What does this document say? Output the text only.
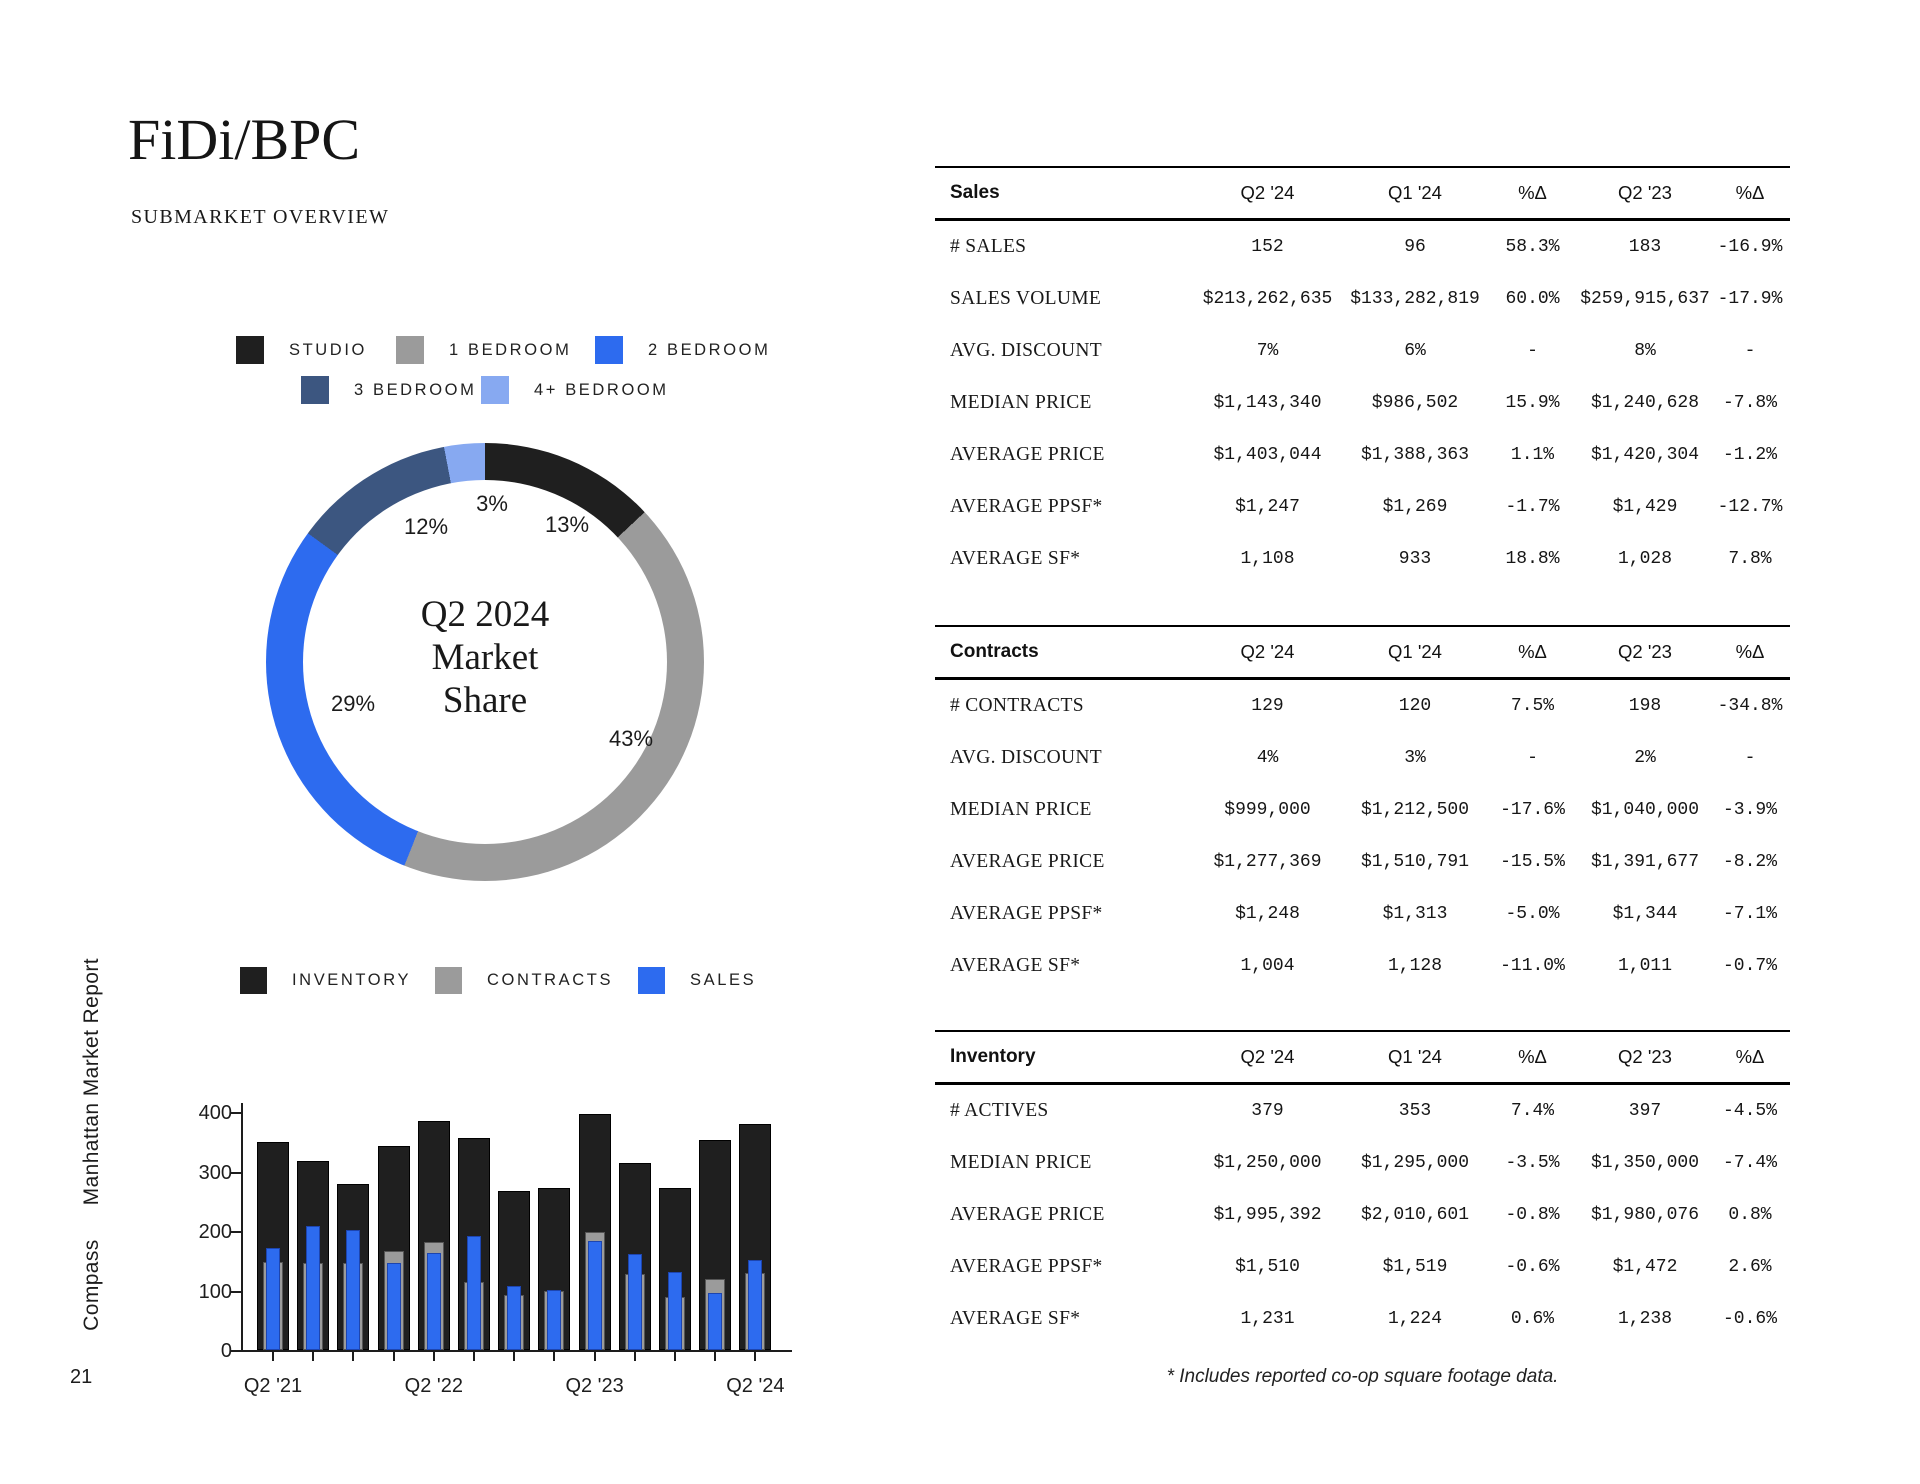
FiDi/BPC
SUBMARKET OVERVIEW
STUDIO	1 BEDROOM	2 BEDROOM
3 BEDROOM	4+ BEDROOM
Q2 2024
Market
Share
13%
43%
29%
12%
3%
INVENTORY	CONTRACTS	SALES
0
100
200
300
400
Q2 '21	Q2 '22	Q2 '23	Q2 '24
Sales	Q2 '24	Q1 '24	%Δ	Q2 '23	%Δ
# SALES	152	96	58.3%	183	-16.9%
SALES VOLUME	$213,262,635 $133,282,819	60.0%	$259,915,637 -17.9%
AVG. DISCOUNT	7%	6%	-	8%	-
MEDIAN PRICE	$1,143,340	$986,502	15.9%	$1,240,628	-7.8%
AVERAGE PRICE	$1,403,044	$1,388,363	1.1%	$1,420,304	-1.2%
AVERAGE PPSF*	$1,247	$1,269	-1.7%	$1,429	-12.7%
AVERAGE SF*	1,108	933	18.8%	1,028	7.8%
Contracts	Q2 '24	Q1 '24	%Δ	Q2 '23	%Δ
# CONTRACTS	129	120	7.5%	198	-34.8%
AVG. DISCOUNT	4%	3%	-	2%	-
MEDIAN PRICE	$999,000	$1,212,500	-17.6%	$1,040,000	-3.9%
AVERAGE PRICE	$1,277,369	$1,510,791	-15.5%	$1,391,677	-8.2%
AVERAGE PPSF*	$1,248	$1,313	-5.0%	$1,344	-7.1%
AVERAGE SF*	1,004	1,128	-11.0%	1,011	-0.7%
Inventory	Q2 '24	Q1 '24	%Δ	Q2 '23	%Δ
# ACTIVES	379	353	7.4%	397	-4.5%
MEDIAN PRICE	$1,250,000	$1,295,000	-3.5%	$1,350,000	-7.4%
AVERAGE PRICE	$1,995,392	$2,010,601	-0.8%	$1,980,076	0.8%
AVERAGE PPSF*	$1,510	$1,519	-0.6%	$1,472	2.6%
AVERAGE SF*	1,231	1,224	0.6%	1,238	-0.6%
* Includes reported co-op square footage data.
Compass
Manhattan Market Report
21
